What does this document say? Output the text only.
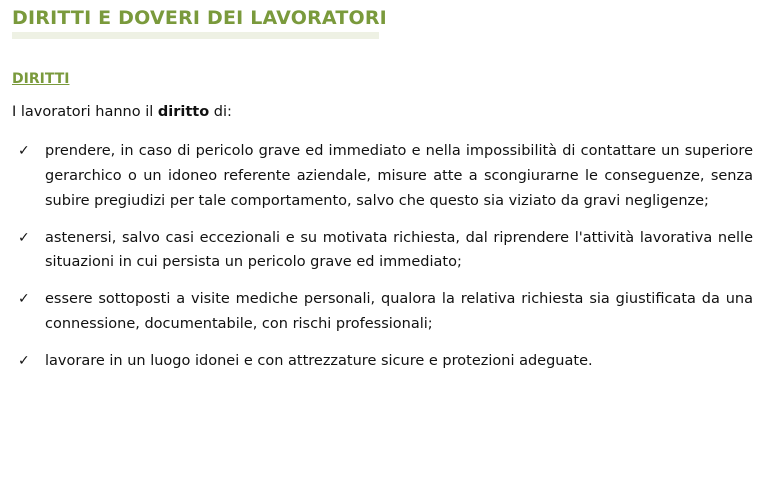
DIRITTI E DOVERI DEI LAVORATORI
DIRITTI

I lavoratori hanno il diritto di:

✓ prendere, in caso di pericolo grave ed immediato e nella impossibilità di contattare un superiore gerarchico o un idoneo referente aziendale, misure atte a scongiurarne le conseguenze, senza subire pregiudizi per tale comportamento, salvo che questo sia viziato da gravi negligenze;
✓ astenersi, salvo casi eccezionali e su motivata richiesta, dal riprendere l'attività lavorativa nelle situazioni in cui persista un pericolo grave ed immediato;
✓ essere sottoposti a visite mediche personali, qualora la relativa richiesta sia giustificata da una connessione, documentabile, con rischi professionali;
✓ lavorare in un luogo idonei e con attrezzature sicure e protezioni adeguate.
